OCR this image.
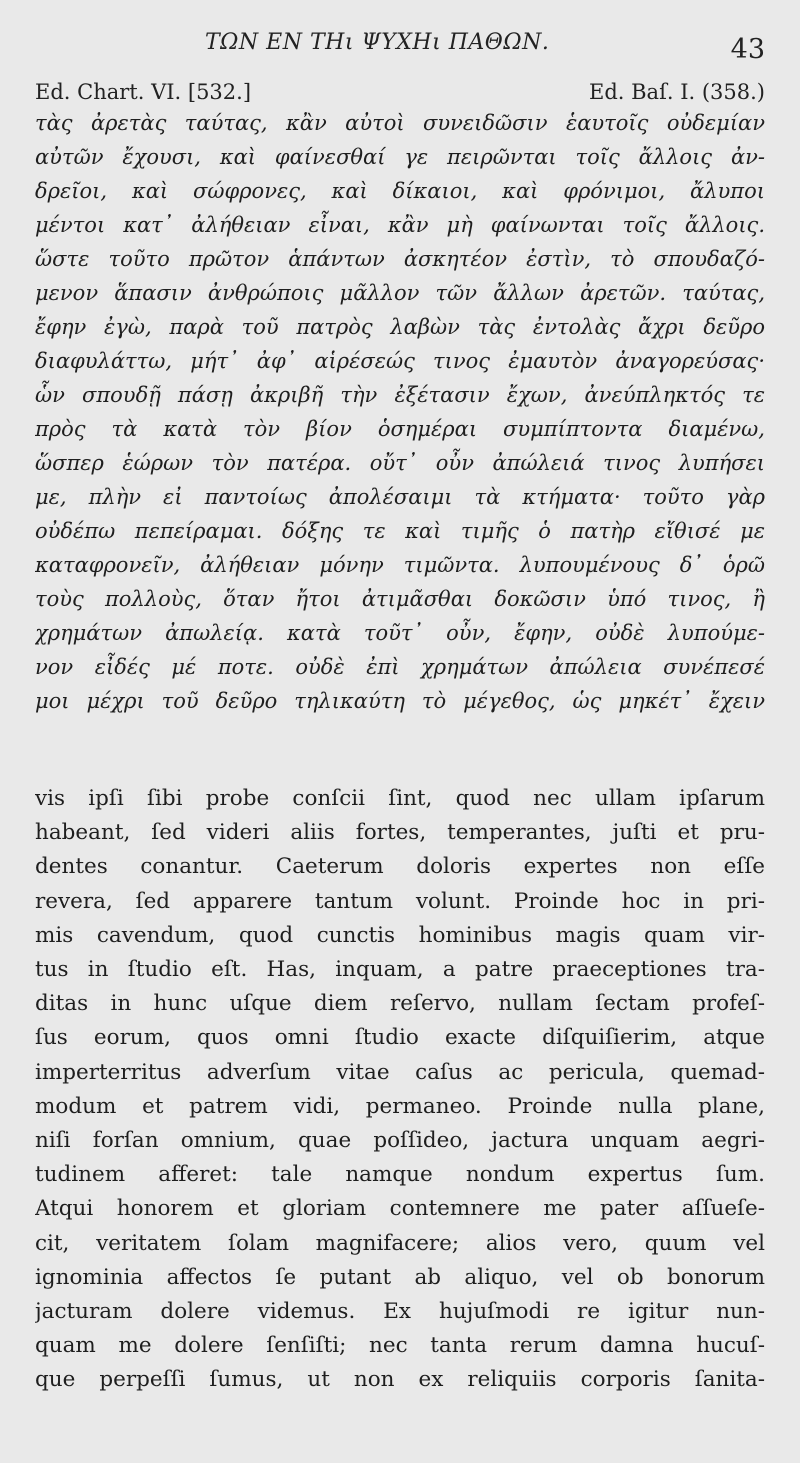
ΤΩΝ ΕΝ ΤΗι ΨΥΧΗι ΠΑΘΩΝ.	43
Ed. Chart. VI. [532.]	Ed. Baſ. I. (358.)
τὰς ἀρετὰς ταύτας, κἂν αὐτοὶ συνειδῶσιν ἑαυτοῖς οὐδεμίαν
αὐτῶν ἔχουσι, καὶ φαίνεσθαί γε πειρῶνται τοῖς ἄλλοις ἀν-
δρεῖοι, καὶ σώφρονες, καὶ δίκαιοι, καὶ φρόνιμοι, ἄλυποι
μέντοι κατ᾽ ἀλήθειαν εἶναι, κἂν μὴ φαίνωνται τοῖς ἄλλοις.
ὥστε τοῦτο πρῶτον ἁπάντων ἀσκητέον ἐστὶν, τὸ σπουδαζό-
μενον ἅπασιν ἀνθρώποις μᾶλλον τῶν ἄλλων ἀρετῶν. ταύτας,
ἔφην ἐγὼ, παρὰ τοῦ πατρὸς λαβὼν τὰς ἐντολὰς ἄχρι δεῦρο
διαφυλάττω, μήτ᾽ ἀφ᾽ αἱρέσεώς τινος ἐμαυτὸν ἀναγορεύσας·
ὧν σπουδῇ πάσῃ ἀκριβῆ τὴν ἐξέτασιν ἔχων, ἀνεύπληκτός τε
πρὸς τὰ κατὰ τὸν βίον ὁσημέραι συμπίπτοντα διαμένω,
ὥσπερ ἑώρων τὸν πατέρα. οὔτ᾽ οὖν ἀπώλειά τινος λυπήσει
με, πλὴν εἰ παντοίως ἀπολέσαιμι τὰ κτήματα· τοῦτο γὰρ
οὐδέπω πεπείραμαι. δόξης τε καὶ τιμῆς ὁ πατὴρ εἴθισέ με
καταφρονεῖν, ἀλήθειαν μόνην τιμῶντα. λυπουμένους δ᾽ ὁρῶ
τοὺς πολλοὺς, ὅταν ἤτοι ἀτιμᾶσθαι δοκῶσιν ὑπό τινος, ἢ
χρημάτων ἀπωλείᾳ. κατὰ τοῦτ᾽ οὖν, ἔφην, οὐδὲ λυπούμε-
νον εἶδές μέ ποτε. οὐδὲ ἐπὶ χρημάτων ἀπώλεια συνέπεσέ
μοι μέχρι τοῦ δεῦρο τηλικαύτη τὸ μέγεθος, ὡς μηκέτ᾽ ἔχειν
vis ipſi ſibi probe conſcii ſint, quod nec ullam ipſarum
habeant, ſed videri aliis fortes, temperantes, juſti et pru-
dentes conantur. Caeterum doloris expertes non eſſe
revera, ſed apparere tantum volunt. Proinde hoc in pri-
mis cavendum, quod cunctis hominibus magis quam vir-
tus in ſtudio eſt. Has, inquam, a patre praeceptiones tra-
ditas in hunc uſque diem reſervo, nullam ſectam profeſ-
ſus eorum, quos omni ſtudio exacte diſquiſierim, atque
imperterritus adverſum vitae caſus ac pericula, quemad-
modum et patrem vidi, permaneo. Proinde nulla plane,
niſi forſan omnium, quae poſſideo, jactura unquam aegri-
tudinem afferet: tale namque nondum expertus ſum.
Atqui honorem et gloriam contemnere me pater aſſueſe-
cit, veritatem ſolam magnifacere; alios vero, quum vel
ignominia affectos ſe putant ab aliquo, vel ob bonorum
jacturam dolere videmus. Ex hujuſmodi re igitur nun-
quam me dolere ſenſiſti; nec tanta rerum damna hucuſ-
que perpeſſi ſumus, ut non ex reliquiis corporis ſanita-
